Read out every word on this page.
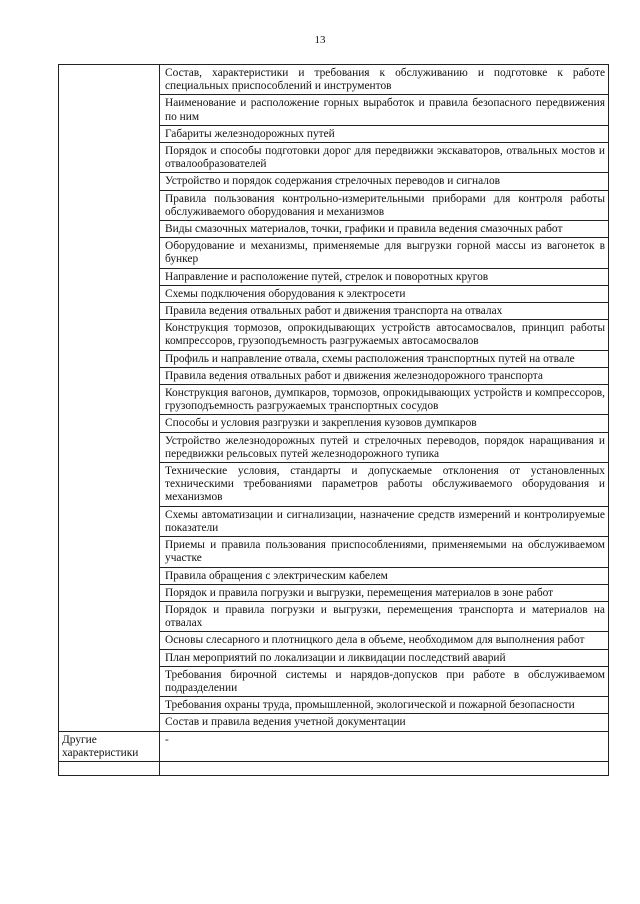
13
	Состав, характеристики и требования к обслуживанию и подготовке к работе специальных приспособлений и инструментов
	Наименование и расположение горных выработок и правила безопасного передвижения по ним
	Габариты железнодорожных путей
	Порядок и способы подготовки дорог для передвижки экскаваторов, отвальных мостов и отвалообразователей
	Устройство и порядок содержания стрелочных переводов и сигналов
	Правила пользования контрольно-измерительными приборами для контроля работы обслуживаемого оборудования и механизмов
	Виды смазочных материалов, точки, графики и правила ведения смазочных работ
	Оборудование и механизмы, применяемые для выгрузки горной массы из вагонеток в бункер
	Направление и расположение путей, стрелок и поворотных кругов
	Схемы подключения оборудования к электросети
	Правила ведения отвальных работ и движения транспорта на отвалах
	Конструкция тормозов, опрокидывающих устройств автосамосвалов, принцип работы компрессоров, грузоподъемность разгружаемых автосамосвалов
	Профиль и направление отвала, схемы расположения транспортных путей на отвале
	Правила ведения отвальных работ и движения железнодорожного транспорта
	Конструкция вагонов, думпкаров, тормозов, опрокидывающих устройств и компрессоров, грузоподъемность разгружаемых транспортных сосудов
	Способы и условия разгрузки и закрепления кузовов думпкаров
	Устройство железнодорожных путей и стрелочных переводов, порядок наращивания и передвижки рельсовых путей железнодорожного тупика
	Технические условия, стандарты и допускаемые отклонения от установленных техническими требованиями параметров работы обслуживаемого оборудования и механизмов
	Схемы автоматизации и сигнализации, назначение средств измерений и контролируемые показатели
	Приемы и правила пользования приспособлениями, применяемыми на обслуживаемом участке
	Правила обращения с электрическим кабелем
	Порядок и правила погрузки и выгрузки, перемещения материалов в зоне работ
	Порядок и правила погрузки и выгрузки, перемещения транспорта и материалов на отвалах
	Основы слесарного и плотницкого дела в объеме, необходимом для выполнения работ
	План мероприятий по локализации и ликвидации последствий аварий
	Требования бирочной системы и нарядов-допусков при работе в обслуживаемом подразделении
	Требования охраны труда, промышленной, экологической и пожарной безопасности
	Состав и правила ведения учетной документации
Другие характеристики	-
